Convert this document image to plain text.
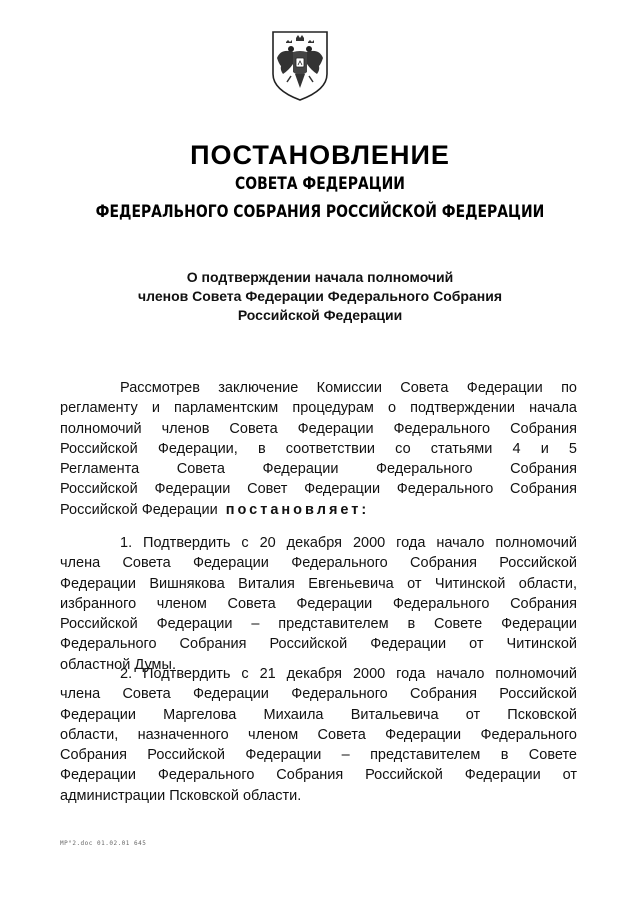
ПОСТАНОВЛЕНИЕ
СОВЕТА ФЕДЕРАЦИИ
ФЕДЕРАЛЬНОГО СОБРАНИЯ РОССИЙСКОЙ ФЕДЕРАЦИИ
О подтверждении начала полномочий
членов Совета Федерации Федерального Собрания
Российской Федерации
Рассмотрев заключение Комиссии Совета Федерации по
регламенту и парламентским процедурам о подтверждении начала
полномочий членов Совета Федерации Федерального Собрания
Российской Федерации, в соответствии со статьями 4 и 5
Регламента Совета Федерации Федерального Собрания
Российской Федерации Совет Федерации Федерального Собрания
Российской Федерации постановляет:
1. Подтвердить с 20 декабря 2000 года начало полномочий
члена Совета Федерации Федерального Собрания Российской
Федерации Вишнякова Виталия Евгеньевича от Читинской области,
избранного членом Совета Федерации Федерального Собрания
Российской Федерации – представителем в Совете Федерации
Федерального Собрания Российской Федерации от Читинской
областной Думы.
2. Подтвердить с 21 декабря 2000 года начало полномочий
члена Совета Федерации Федерального Собрания Российской
Федерации Маргелова Михаила Витальевича от Псковской
области, назначенного членом Совета Федерации Федерального
Собрания Российской Федерации – представителем в Совете
Федерации Федерального Собрания Российской Федерации от
администрации Псковской области.
МР°2.doc 01.02.01 645
